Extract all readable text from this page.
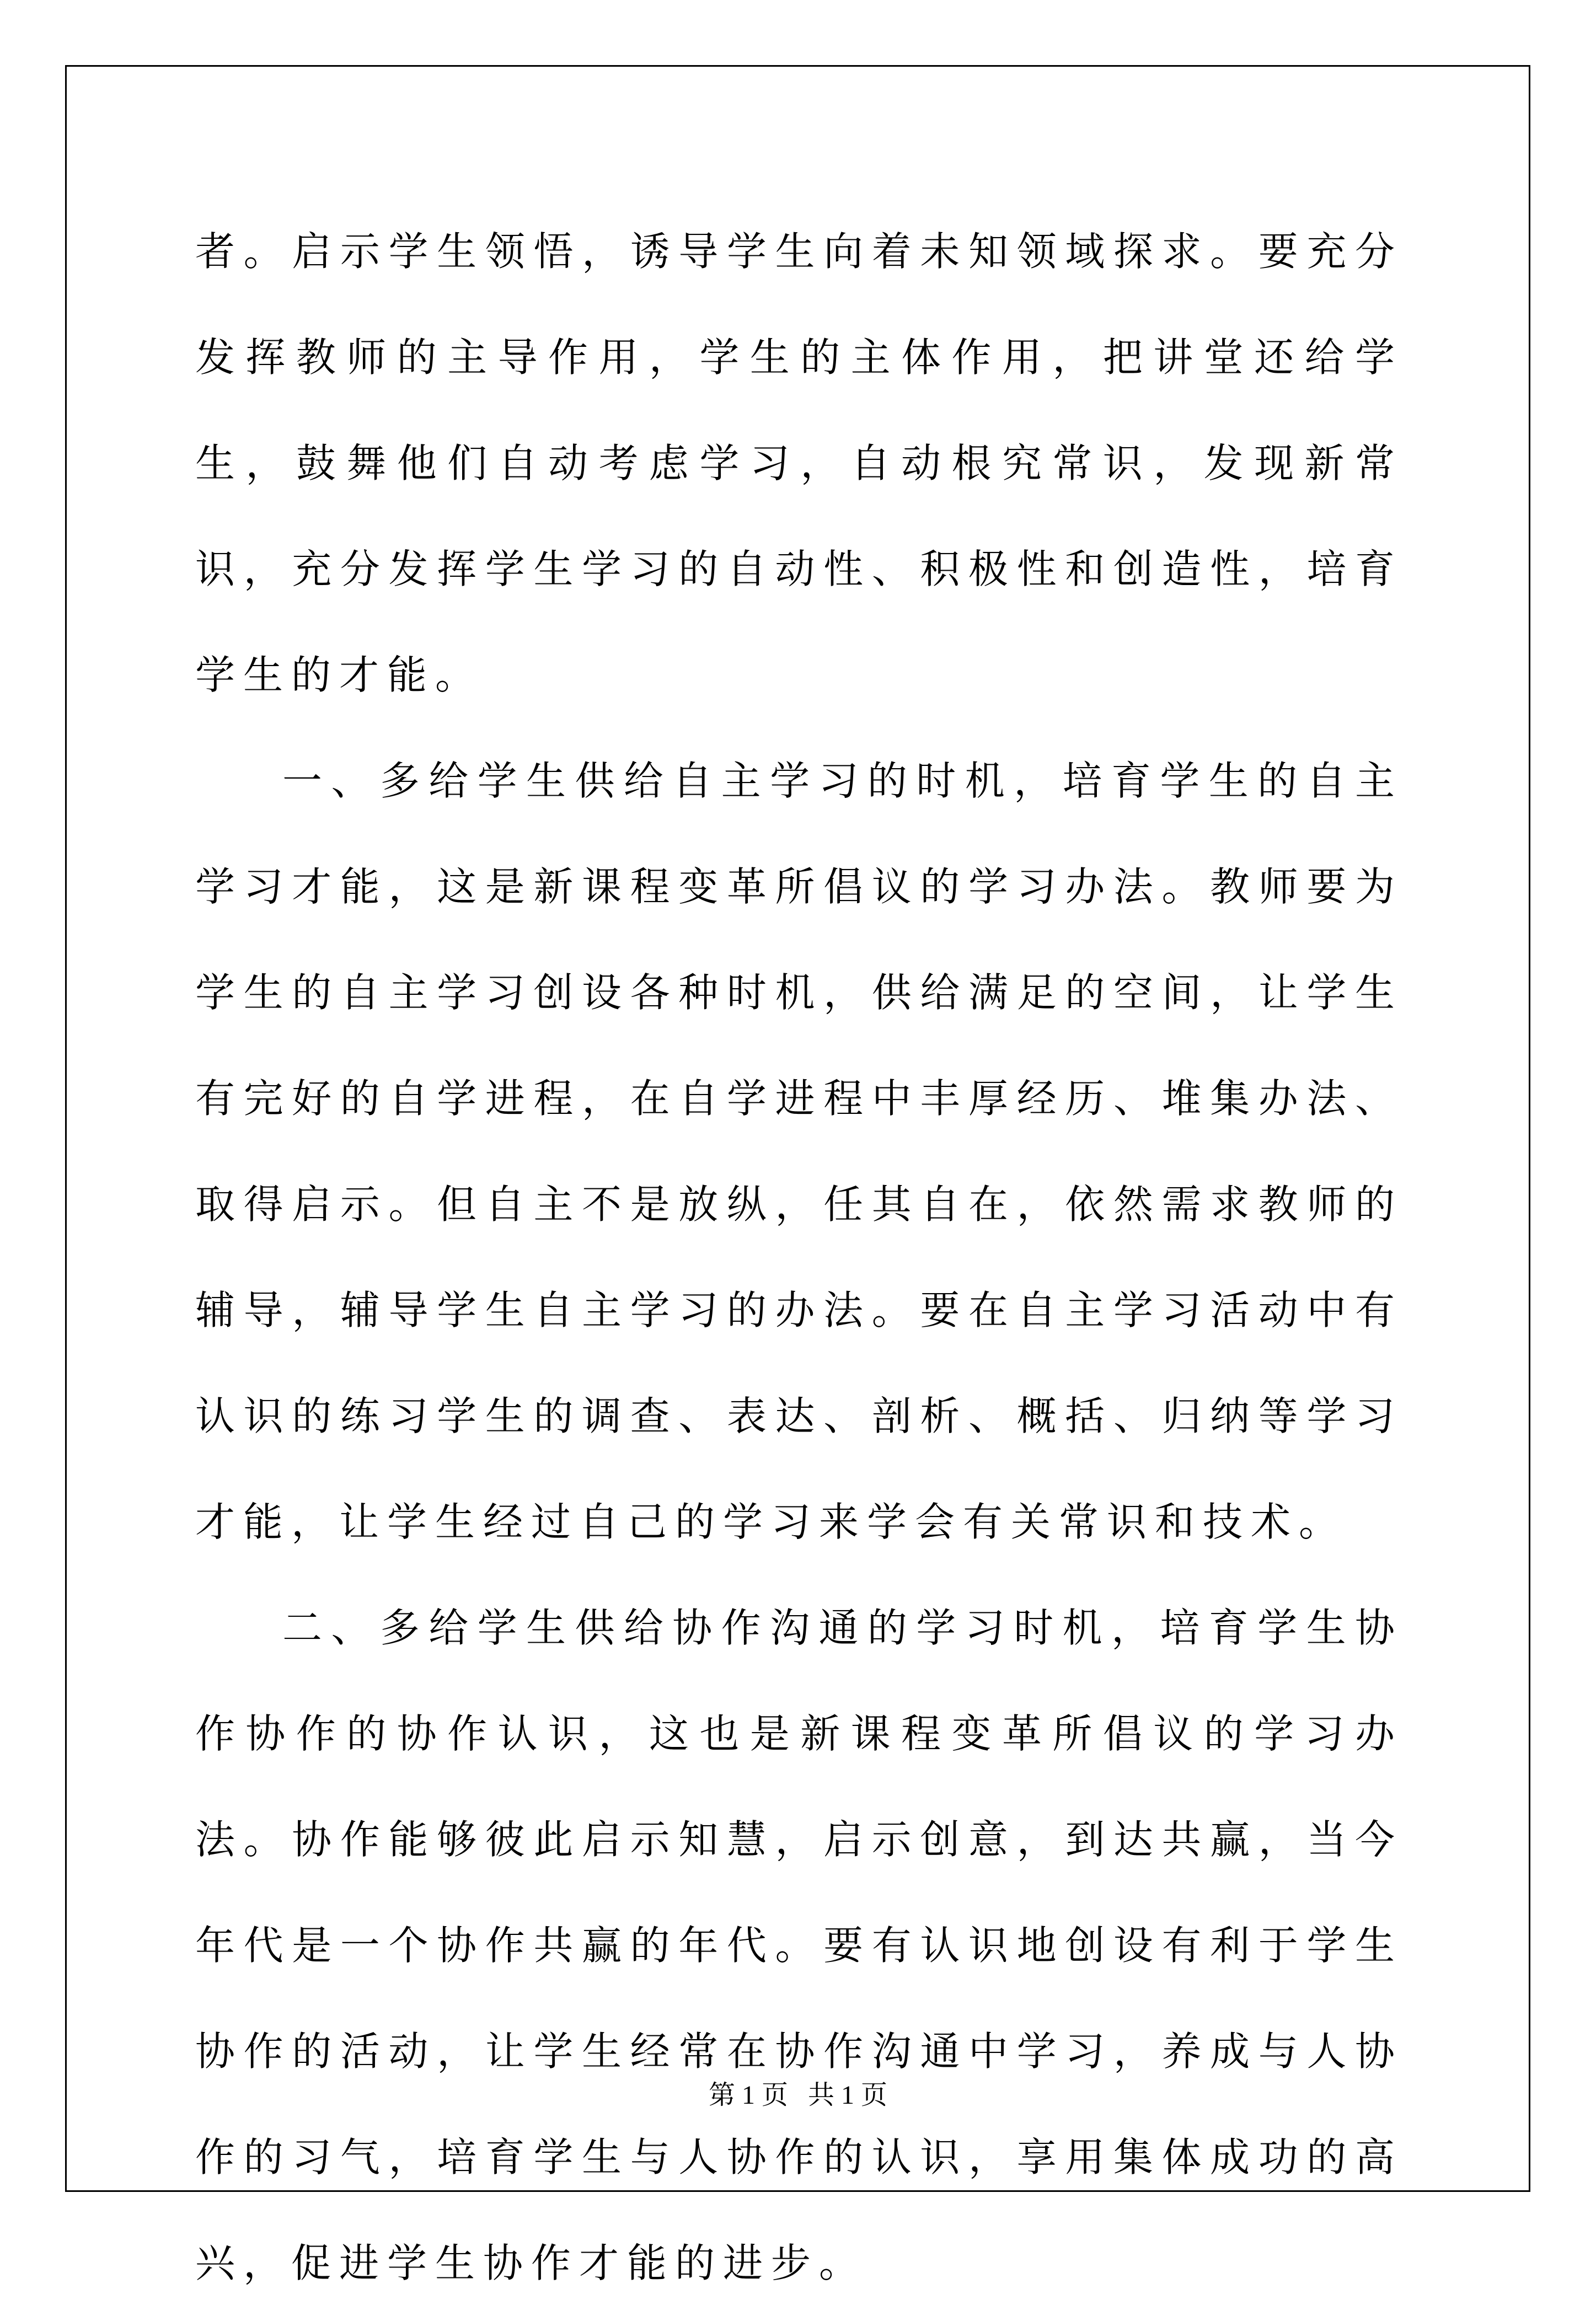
者。启示学生领悟，诱导学生向着未知领域探求。要充分发挥教师的主导作用，学生的主体作用，把讲堂还给学生，鼓舞他们自动考虑学习，自动根究常识，发现新常识，充分发挥学生学习的自动性、积极性和创造性，培育学生的才能。

一、多给学生供给自主学习的时机，培育学生的自主学习才能，这是新课程变革所倡议的学习办法。教师要为学生的自主学习创设各种时机，供给满足的空间，让学生有完好的自学进程，在自学进程中丰厚经历、堆集办法、取得启示。但自主不是放纵，任其自在，依然需求教师的辅导，辅导学生自主学习的办法。要在自主学习活动中有认识的练习学生的调查、表达、剖析、概括、归纳等学习才能，让学生经过自己的学习来学会有关常识和技术。

二、多给学生供给协作沟通的学习时机，培育学生协作协作的协作认识，这也是新课程变革所倡议的学习办法。协作能够彼此启示知慧，启示创意，到达共赢，当今年代是一个协作共赢的年代。要有认识地创设有利于学生协作的活动，让学生经常在协作沟通中学习，养成与人协作的习气，培育学生与人协作的认识，享用集体成功的高兴，促进学生协作才能的进步。

第 1 页   共 1 页
